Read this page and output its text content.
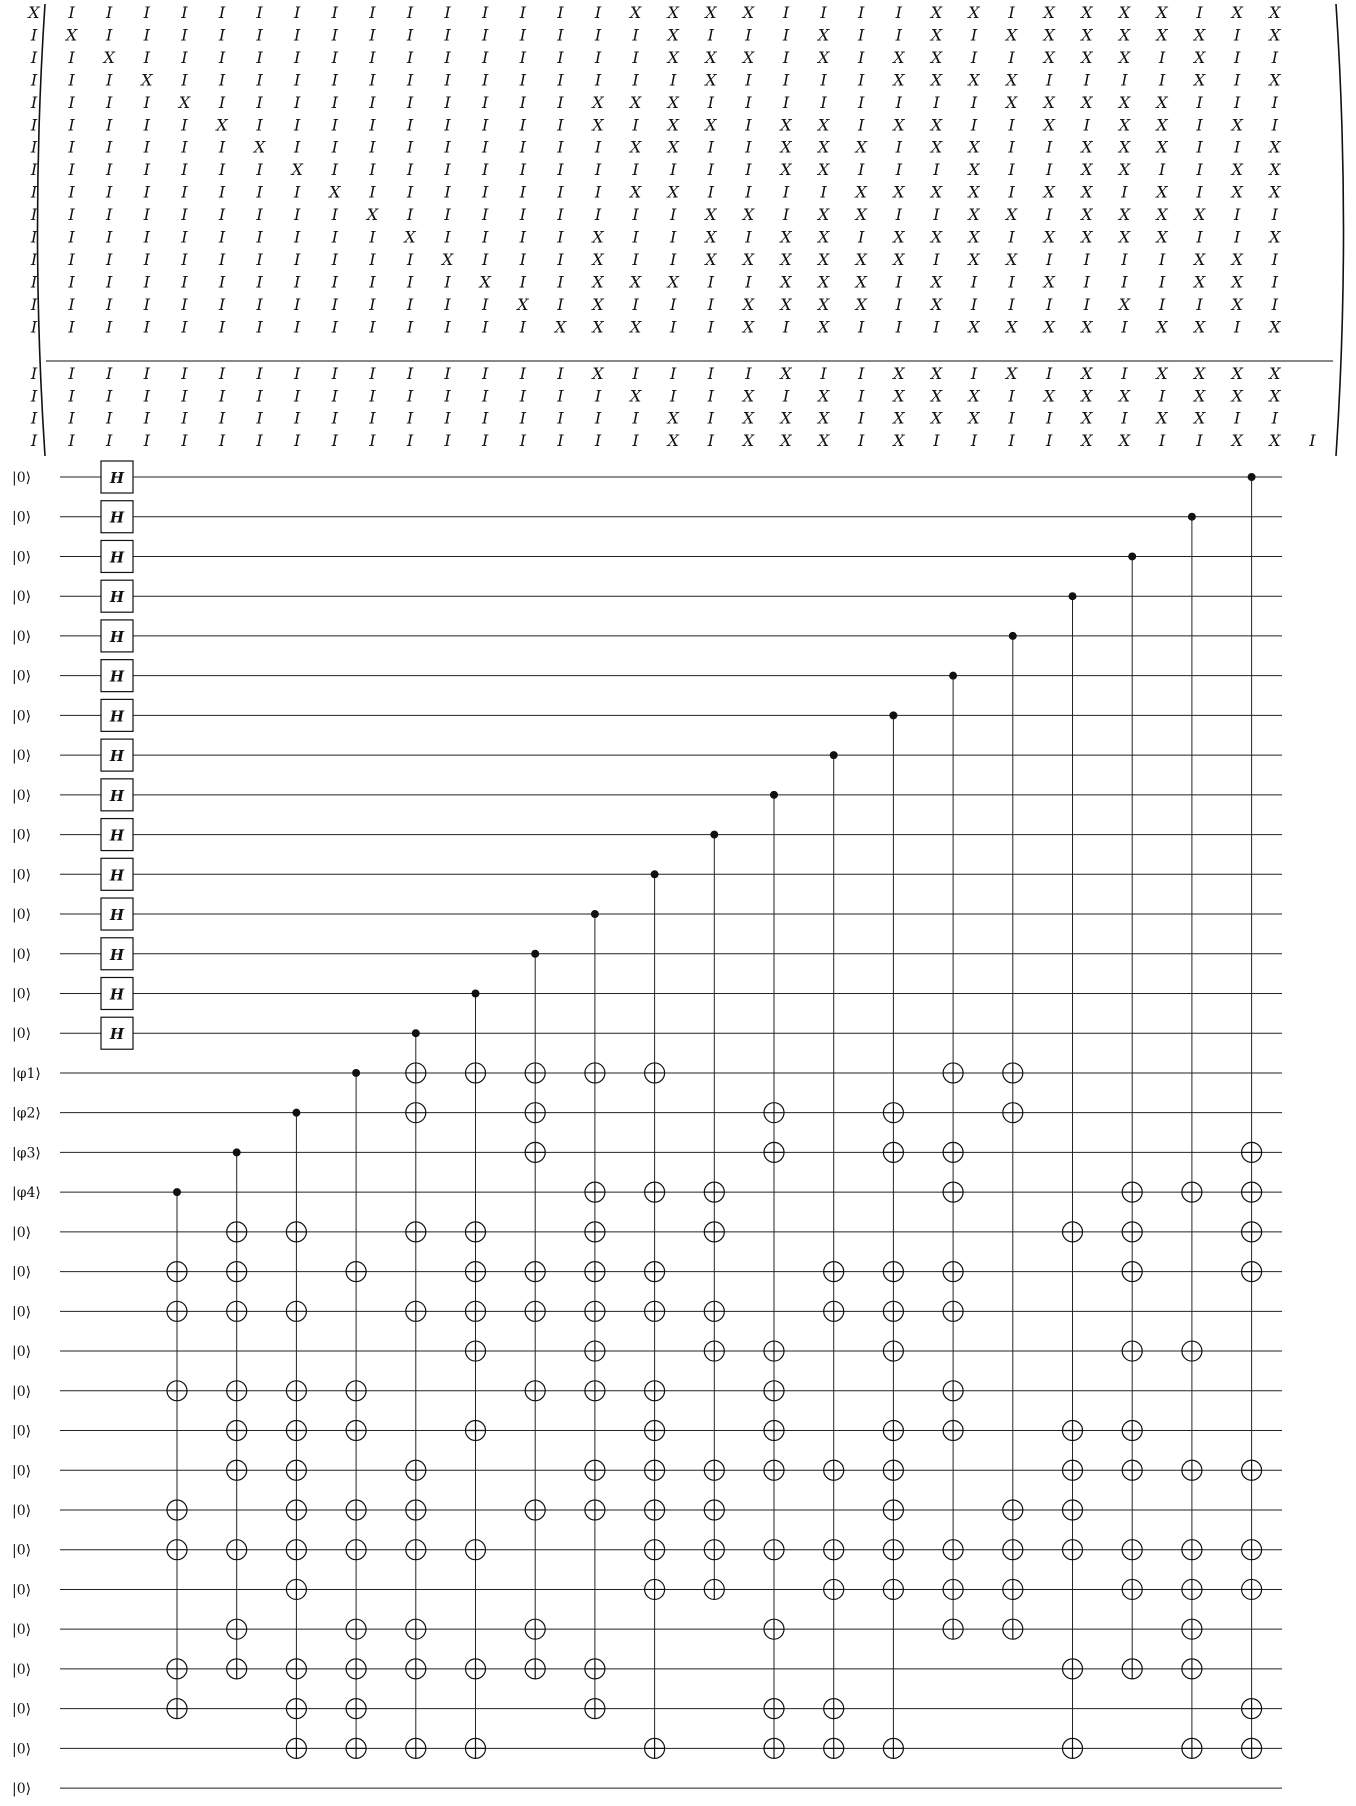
X I I I I I I I I I I I I I I I X X X X I I I I X X I X X X X I X X
I X I I I I I I I I I I I I I I I X I I I X I I X I X X X X X X I X
I I X I I I I I I I I I I I I I I X X X I X I X X I I X X X I X I I
I I I X I I I I I I I I I I I I I I X I I I I X X X X I I I I X I X
I I I I X I I I I I I I I I I X X X I I I I I I I I X X X X X I I I
I I I I I X I I I I I I I I I X I X X I X X I X X I I X I X X I X I
I I I I I I X I I I I I I I I I X X I I X X X I X X I I X X X I I X
I I I I I I I X I I I I I I I I I I I I X X I I I X I I X X I I X X
I I I I I I I I X I I I I I I I X X I I I I X X X X I X X I X I X X
I I I I I I I I I X I I I I I I I I X X I X X I I X X I X X X X I I
I I I I I I I I I I X I I I I X I I X I X X I X X X I X X X X I I X
I I I I I I I I I I I X I I I X I I X X X X X X I X X I I I I X X I
I I I I I I I I I I I I X I I X X X I I X X X I X I I X I I I X X I
I I I I I I I I I I I I I X I X I I I X X X X I X I I I I X I I X I
I I I I I I I I I I I I I I X X X I I X I X I I I X X X X I X X I X
I I I I I I I I I I I I I I I X I I I I X I I X X I X I X I X X X X
I I I I I I I I I I I I I I I I X I I X I X I X X X I X X X I X X X
I I I I I I I I I I I I I I I I I X I X X X I X X X I I X I X X I I
I I I I I I I I I I I I I I I I I X I X X X I X I I I I X X I I X X I
H
H
H
H
H
H
H
H
H
H
H
H
H
H
H
|0⟩
|0⟩
|0⟩
|0⟩
|0⟩
|0⟩
|0⟩
|0⟩
|0⟩
|0⟩
|0⟩
|0⟩
|0⟩
|0⟩
|0⟩
|φ1⟩
|φ2⟩
|φ3⟩
|φ4⟩
|0⟩
|0⟩
|0⟩
|0⟩
|0⟩
|0⟩
|0⟩
|0⟩
|0⟩
|0⟩
|0⟩
|0⟩
|0⟩
|0⟩
|0⟩
